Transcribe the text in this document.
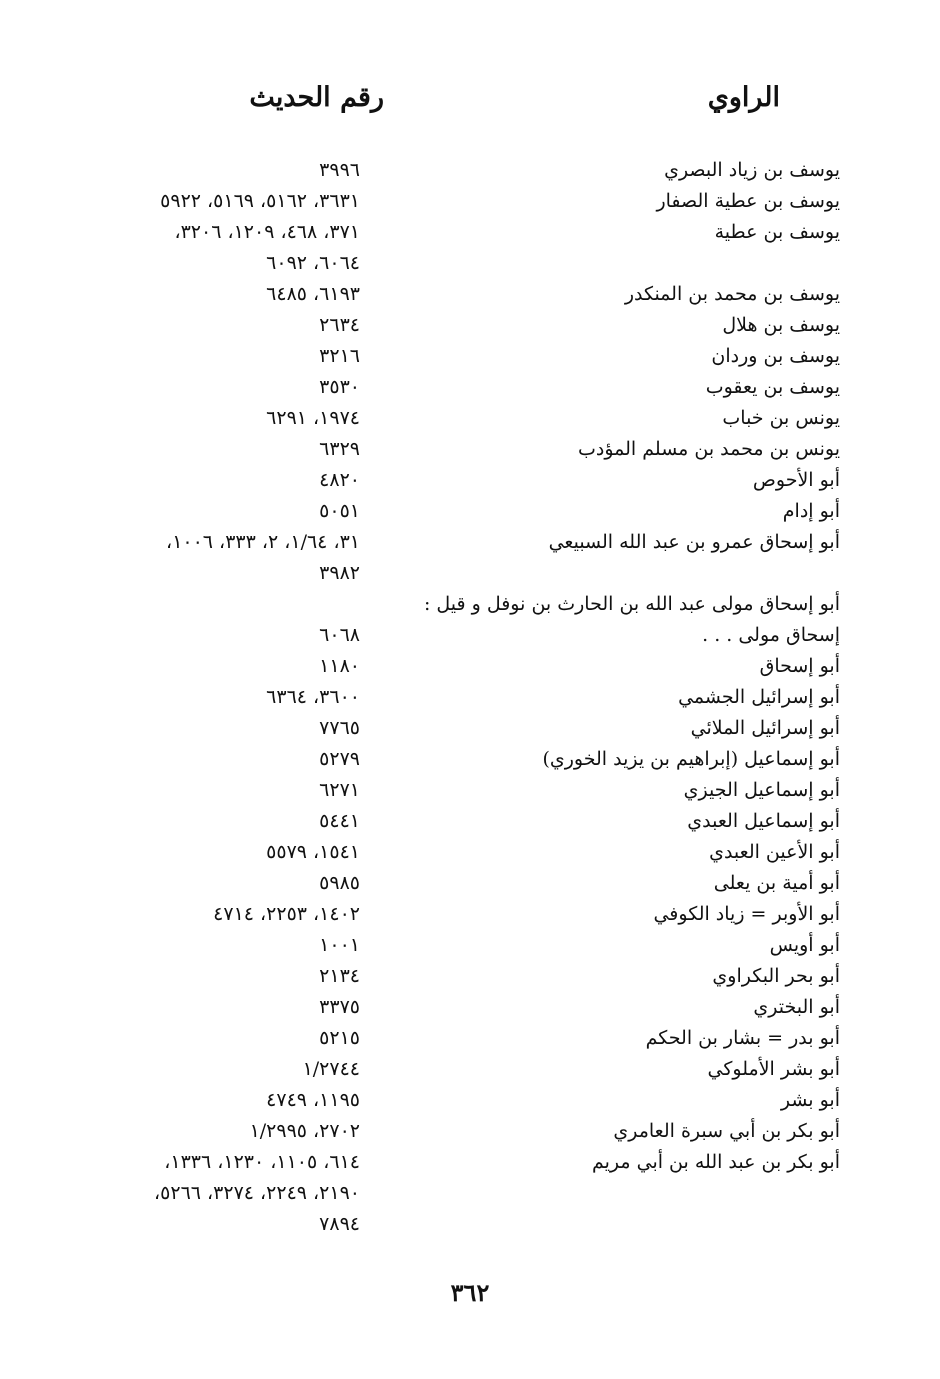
الراوي
رقم الحديث
يوسف بن زياد البصري
٣٩٩٦
يوسف بن عطية الصفار
٣٦٣١، ٥١٦٢، ٥١٦٩، ٥٩٢٢
يوسف بن عطية
٣٧١، ٤٦٨، ١٢٠٩، ٣٢٠٦،
٦٠٦٤، ٦٠٩٢
يوسف بن محمد بن المنكدر
٦١٩٣، ٦٤٨٥
يوسف بن هلال
٢٦٣٤
يوسف بن وردان
٣٢١٦
يوسف بن يعقوب
٣٥٣٠
يونس بن خباب
١٩٧٤، ٦٢٩١
يونس بن محمد بن مسلم المؤدب
٦٣٢٩
أبو الأحوص
٤٨٢٠
أبو إدام
٥٠٥١
أبو إسحاق عمرو بن عبد الله السبيعي
٣١، ١/٦٤، ٢، ٣٣٣، ١٠٠٦،
٣٩٨٢
أبو إسحاق مولى عبد الله بن الحارث بن نوفل و قيل :
إسحاق مولى . . .
٦٠٦٨
أبو إسحاق
١١٨٠
أبو إسرائيل الجشمي
٣٦٠٠، ٦٣٦٤
أبو إسرائيل الملائي
٧٧٦٥
أبو إسماعيل (إبراهيم بن يزيد الخوري)
٥٢٧٩
أبو إسماعيل الجيزي
٦٢٧١
أبو إسماعيل العبدي
٥٤٤١
أبو الأعين العبدي
١٥٤١، ٥٥٧٩
أبو أمية بن يعلى
٥٩٨٥
أبو الأوبر = زياد الكوفي
١٤٠٢، ٢٢٥٣، ٤٧١٤
أبو أويس
١٠٠١
أبو بحر البكراوي
٢١٣٤
أبو البختري
٣٣٧٥
أبو بدر = بشار بن الحكم
٥٢١٥
أبو بشر الأملوكي
١/٢٧٤٤
أبو بشر
١١٩٥، ٤٧٤٩
أبو بكر بن أبي سبرة العامري
٢٧٠٢، ١/٢٩٩٥
أبو بكر بن عبد الله بن أبي مريم
٦١٤، ١١٠٥، ١٢٣٠، ١٣٣٦،
٢١٩٠، ٢٢٤٩، ٣٢٧٤، ٥٢٦٦،
٧٨٩٤
٣٦٢
